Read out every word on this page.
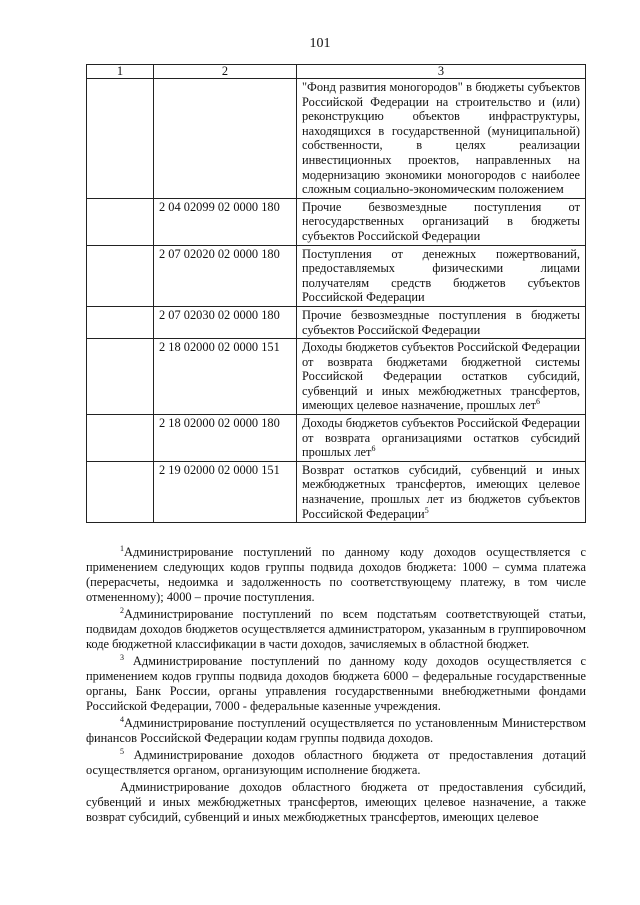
101
1	2	3
		"Фонд развития моногородов" в бюджеты субъектов Российской Федерации на строительство и (или) реконструкцию объектов инфраструктуры, находящихся в государственной (муниципальной) собственности, в целях реализации инвестиционных проектов, направленных на модернизацию экономики моногородов с наиболее сложным социально-экономическим положением
	2 04 02099 02 0000 180	Прочие безвозмездные поступления от негосударственных организаций в бюджеты субъектов Российской Федерации
	2 07 02020 02 0000 180	Поступления от денежных пожертвований, предоставляемых физическими лицами получателям средств бюджетов субъектов Российской Федерации
	2 07 02030 02 0000 180	Прочие безвозмездные поступления в бюджеты субъектов Российской Федерации
	2 18 02000 02 0000 151	Доходы бюджетов субъектов Российской Федерации от возврата бюджетами бюджетной системы Российской Федерации остатков субсидий, субвенций и иных межбюджетных трансфертов, имеющих целевое назначение, прошлых лет$^6$
	2 18 02000 02 0000 180	Доходы бюджетов субъектов Российской Федерации от возврата организациями остатков субсидий прошлых лет$^6$
	2 19 02000 02 0000 151	Возврат остатков субсидий, субвенций и иных межбюджетных трансфертов, имеющих целевое назначение, прошлых лет из бюджетов субъектов Российской Федерации$^5$

$^1$Администрирование поступлений по данному коду доходов осуществляется с применением следующих кодов группы подвида доходов бюджета: 1000 – сумма платежа (перерасчеты, недоимка и задолженность по соответствующему платежу, в том числе отмененному); 4000 – прочие поступления.

$^2$Администрирование поступлений по всем подстатьям соответствующей статьи, подвидам доходов бюджетов осуществляется администратором, указанным в группировочном коде бюджетной классификации в части доходов, зачисляемых в областной бюджет.

$^3$ Администрирование поступлений по данному коду доходов осуществляется с применением кодов группы подвида доходов бюджета 6000 – федеральные государственные органы, Банк России, органы управления государственными внебюджетными фондами Российской Федерации, 7000 - федеральные казенные учреждения.

$^4$Администрирование поступлений осуществляется по установленным Министерством финансов Российской Федерации кодам группы подвида доходов.

$^5$ Администрирование доходов областного бюджета от предоставления дотаций осуществляется органом, организующим исполнение бюджета.

Администрирование доходов областного бюджета от предоставления субсидий, субвенций и иных межбюджетных трансфертов, имеющих целевое назначение, а также возврат субсидий, субвенций и иных межбюджетных трансфертов, имеющих целевое
